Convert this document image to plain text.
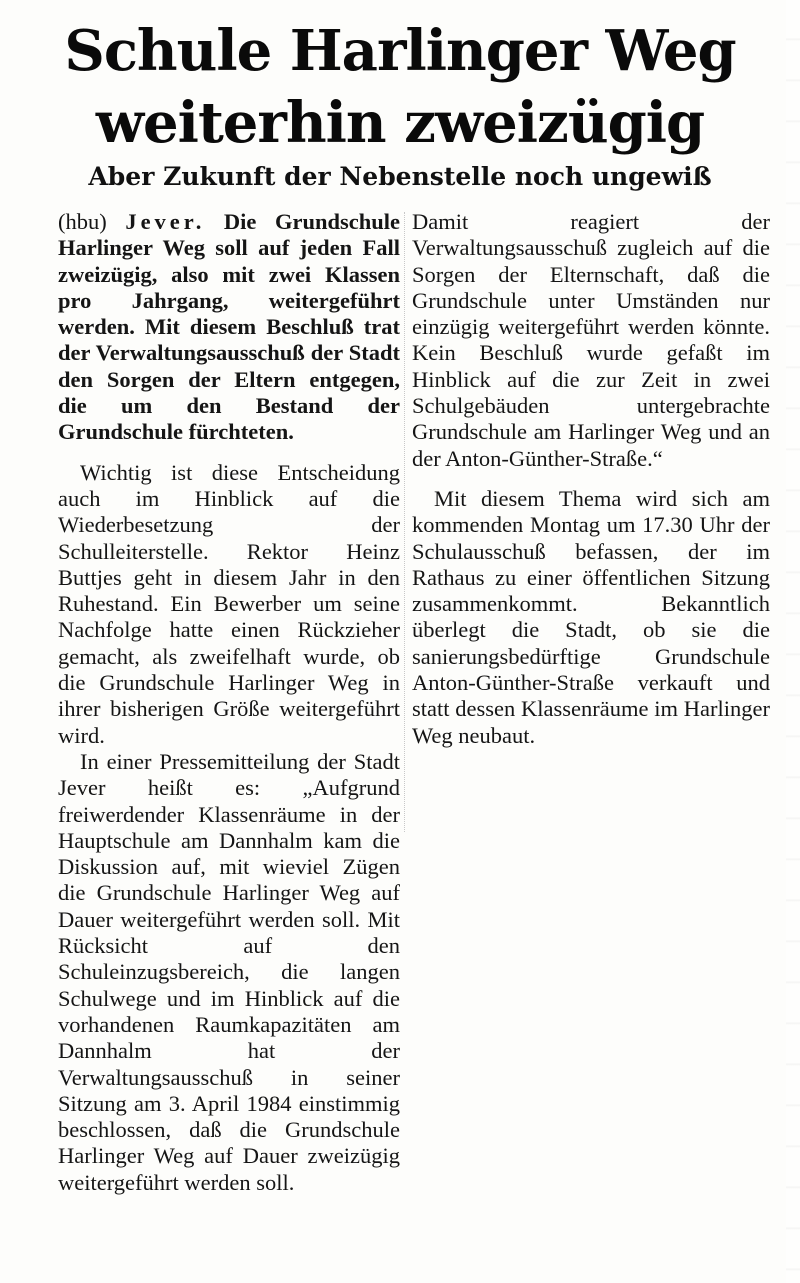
Schule Harlinger Weg
weiterhin zweizügig
Aber Zukunft der Nebenstelle noch ungewiß

(hbu) Jever. Die Grundschule Harlinger Weg soll auf jeden Fall zweizügig, also mit zwei Klassen pro Jahrgang, weitergeführt werden. Mit diesem Beschluß trat der Verwaltungsausschuß der Stadt den Sorgen der Eltern entgegen, die um den Bestand der Grundschule fürchteten.

Wichtig ist diese Entscheidung auch im Hinblick auf die Wiederbesetzung der Schulleiterstelle. Rektor Heinz Buttjes geht in diesem Jahr in den Ruhestand. Ein Bewerber um seine Nachfolge hatte einen Rückzieher gemacht, als zweifelhaft wurde, ob die Grundschule Harlinger Weg in ihrer bisherigen Größe weitergeführt wird.

In einer Pressemitteilung der Stadt Jever heißt es: „Aufgrund freiwerdender Klassenräume in der Hauptschule am Dannhalm kam die Diskussion auf, mit wieviel Zügen die Grundschule Harlinger Weg auf Dauer weitergeführt werden soll. Mit Rücksicht auf den Schuleinzugsbereich, die langen Schulwege und im Hinblick auf die vorhandenen Raumkapazitäten am Dannhalm hat der Verwaltungsausschuß in seiner Sitzung am 3. April 1984 einstimmig beschlossen, daß die Grundschule Harlinger Weg auf Dauer zweizügig weitergeführt werden soll.

Damit reagiert der Verwaltungsausschuß zugleich auf die Sorgen der Elternschaft, daß die Grundschule unter Umständen nur einzügig weitergeführt werden könnte. Kein Beschluß wurde gefaßt im Hinblick auf die zur Zeit in zwei Schulgebäuden untergebrachte Grundschule am Harlinger Weg und an der Anton-Günther-Straße.“

Mit diesem Thema wird sich am kommenden Montag um 17.30 Uhr der Schulausschuß befassen, der im Rathaus zu einer öffentlichen Sitzung zusammenkommt. Bekanntlich überlegt die Stadt, ob sie die sanierungsbedürftige Grundschule Anton-Günther-Straße verkauft und statt dessen Klassenräume im Harlinger Weg neubaut.
